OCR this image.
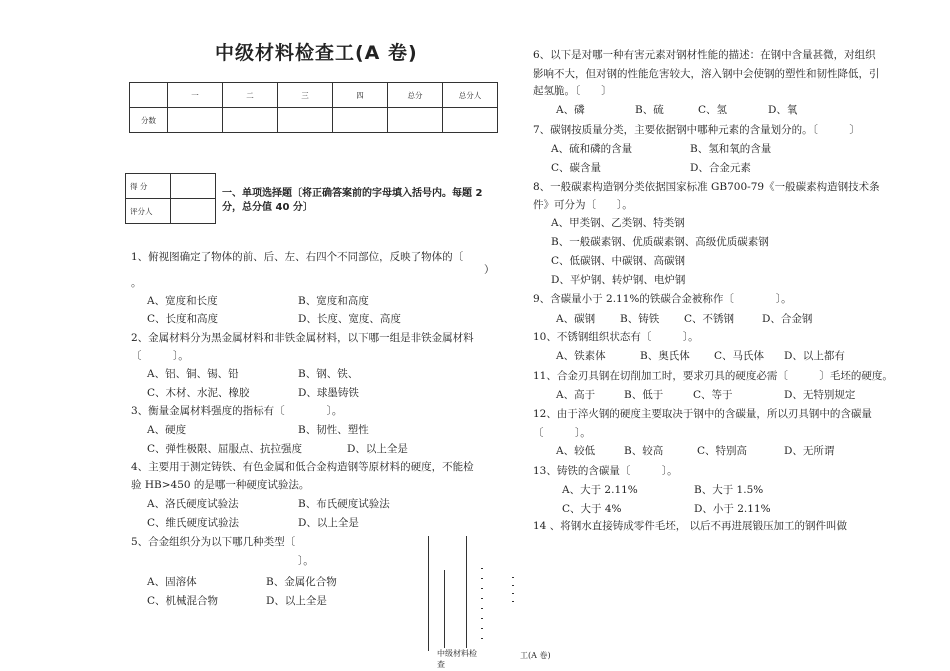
中级材料检查工(A 卷)
	一	二	三	四	总分	总分人
分数						
得 分	
评分人	
一、单项选择题〔将正确答案前的字母填入括号内。每题 2 分，总分值 40 分〕
1、俯视图确定了物体的前、后、左、右四个不同部位，反映了物体的〔
）
。
A、宽度和长度	B、宽度和高度
C、长度和高度	D、长度、宽度、高度
2、金属材料分为黑金属材料和非铁金属材料，以下哪一组是非铁金属材料
〔　　　〕。
A、铝、铜、锡、铅	B、钢、铁、
C、木材、水泥、橡胶	D、球墨铸铁
3、衡量金属材料强度的指标有〔　　　　〕。
A、硬度	B、韧性、塑性
C、弹性极限、屈服点、抗拉强度	D、以上全是
4、主要用于测定铸铁、有色金属和低合金构造钢等原材料的硬度，不能检
验 HB>450 的是哪一种硬度试验法。
A、洛氏硬度试验法	B、布氏硬度试验法
C、维氏硬度试验法	D、以上全是
5、合金组织分为以下哪几种类型〔
〕。
A、固溶体	B、金属化合物
C、机械混合物	D、以上全是
6、以下是对哪一种有害元素对钢材性能的描述：在钢中含量甚微，对组织
影响不大，但对钢的性能危害较大，溶入钢中会使钢的塑性和韧性降低，引
起氢脆。〔　　〕
A、磷	B、硫	C、氢	D、氧
7、碳钢按质量分类，主要依据钢中哪种元素的含量划分的。〔　　　〕
A、硫和磷的含量	B、氢和氧的含量
C、碳含量	D、合金元素
8、一般碳素构造钢分类依据国家标准 GB700-79《一般碳素构造钢技术条
件》可分为〔　　〕。
A、甲类钢、乙类钢、特类钢
B、一般碳素钢、优质碳素钢、高级优质碳素钢
C、低碳钢、中碳钢、高碳钢
D、平炉钢、转炉钢、电炉钢
9、含碳量小于 2.11%的铁碳合金被称作〔　　　　〕。
A、碳钢 B、铸铁 C、不锈钢	D、合金钢
10、不锈钢组织状态有〔　　　〕。
A、铁素体	B、奥氏体 C、马氏体 D、以上都有
11、合金刃具钢在切削加工时，要求刃具的硬度必需〔　　　〕毛坯的硬度。
A、高于	B、低于	C、等于	D、无特别规定
12、由于淬火钢的硬度主要取决于钢中的含碳量，所以刃具钢中的含碳量
〔　　　〕。
A、较低	B、较高	C、特别高	D、无所谓
13、铸铁的含碳量〔　　　〕。
A、大于 2.11%	B、大于 1.5%
C、大于 4%	D、小于 2.11%
14 、将钢水直接铸成零件毛坯， 以后不再进展锻压加工的钢件叫做
中级材料检查
工(A 卷)
